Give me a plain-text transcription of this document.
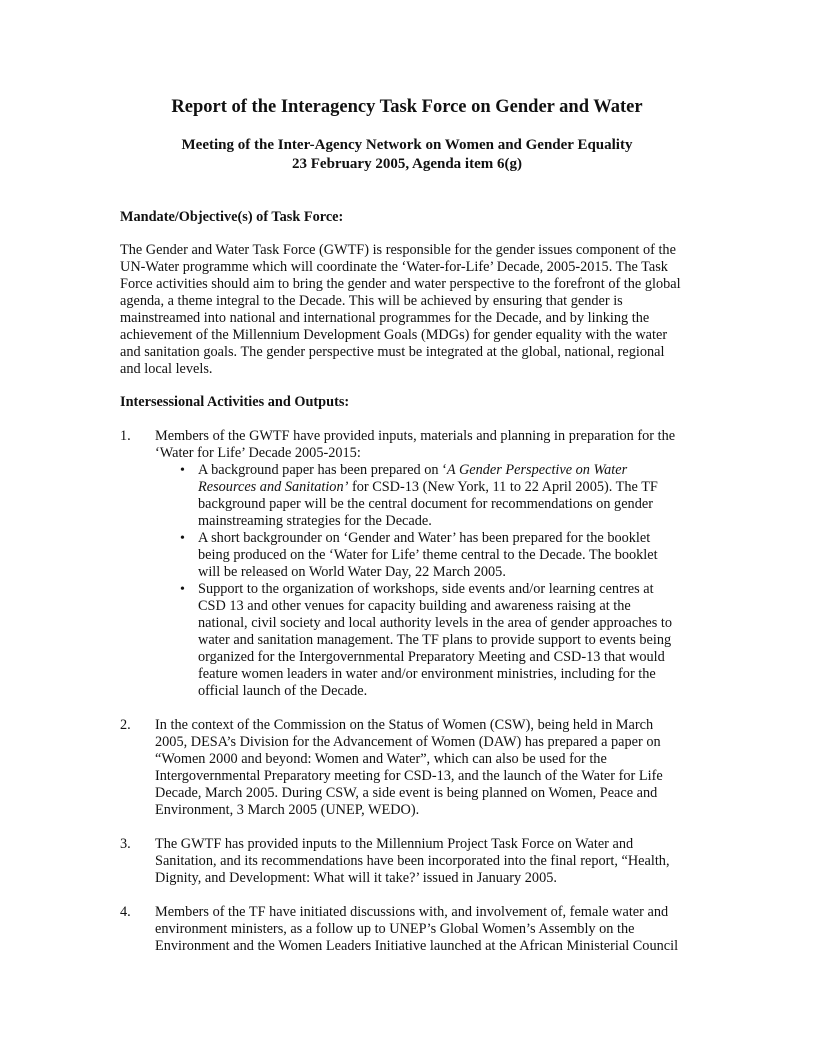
Report of the Interagency Task Force on Gender and Water
Meeting of the Inter-Agency Network on Women and Gender Equality
23 February 2005, Agenda item 6(g)
Mandate/Objective(s) of Task Force:

The Gender and Water Task Force (GWTF) is responsible for the gender issues component of the
UN-Water programme which will coordinate the ‘Water-for-Life’ Decade, 2005-2015. The Task
Force activities should aim to bring the gender and water perspective to the forefront of the global
agenda, a theme integral to the Decade. This will be achieved by ensuring that gender is
mainstreamed into national and international programmes for the Decade, and by linking the
achievement of the Millennium Development Goals (MDGs) for gender equality with the water
and sanitation goals. The gender perspective must be integrated at the global, national, regional
and local levels.

Intersessional Activities and Outputs:
1. Members of the GWTF have provided inputs, materials and planning in preparation for the
‘Water for Life’ Decade 2005-2015:

• A background paper has been prepared on ‘A Gender Perspective on Water
Resources and Sanitation’ for CSD-13 (New York, 11 to 22 April 2005). The TF
background paper will be the central document for recommendations on gender
mainstreaming strategies for the Decade.

• A short backgrounder on ‘Gender and Water’ has been prepared for the booklet
being produced on the ‘Water for Life’ theme central to the Decade. The booklet
will be released on World Water Day, 22 March 2005.

• Support to the organization of workshops, side events and/or learning centres at
CSD 13 and other venues for capacity building and awareness raising at the
national, civil society and local authority levels in the area of gender approaches to
water and sanitation management. The TF plans to provide support to events being
organized for the Intergovernmental Preparatory Meeting and CSD-13 that would
feature women leaders in water and/or environment ministries, including for the
official launch of the Decade.

2. In the context of the Commission on the Status of Women (CSW), being held in March
2005, DESA’s Division for the Advancement of Women (DAW) has prepared a paper on
“Women 2000 and beyond: Women and Water”, which can also be used for the
Intergovernmental Preparatory meeting for CSD-13, and the launch of the Water for Life
Decade, March 2005. During CSW, a side event is being planned on Women, Peace and
Environment, 3 March 2005 (UNEP, WEDO).

3. The GWTF has provided inputs to the Millennium Project Task Force on Water and
Sanitation, and its recommendations have been incorporated into the final report, “Health,
Dignity, and Development: What will it take?’ issued in January 2005.

4. Members of the TF have initiated discussions with, and involvement of, female water and
environment ministers, as a follow up to UNEP’s Global Women’s Assembly on the
Environment and the Women Leaders Initiative launched at the African Ministerial Council
